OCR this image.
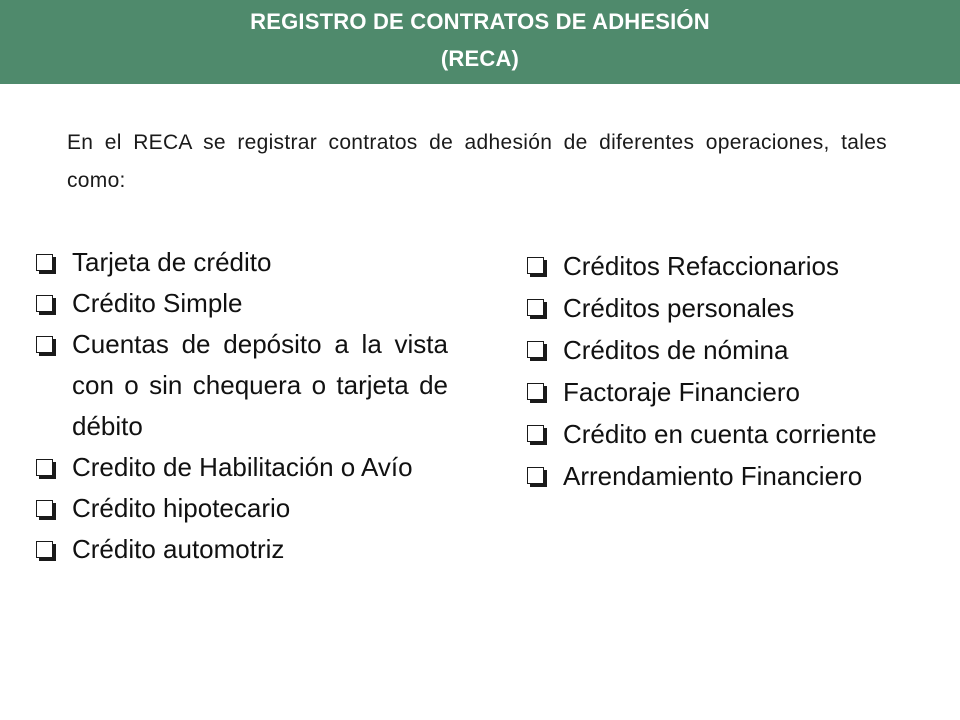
REGISTRO DE CONTRATOS DE ADHESIÓN
(RECA)
En el RECA se registrar contratos de adhesión de diferentes operaciones, tales como:
Tarjeta de crédito
Crédito Simple
Cuentas de depósito a la vista con o sin chequera o tarjeta de débito
Credito de Habilitación o Avío
Crédito hipotecario
Crédito automotriz
Créditos Refaccionarios
Créditos personales
Créditos de nómina
Factoraje Financiero
Crédito en cuenta corriente
Arrendamiento Financiero
